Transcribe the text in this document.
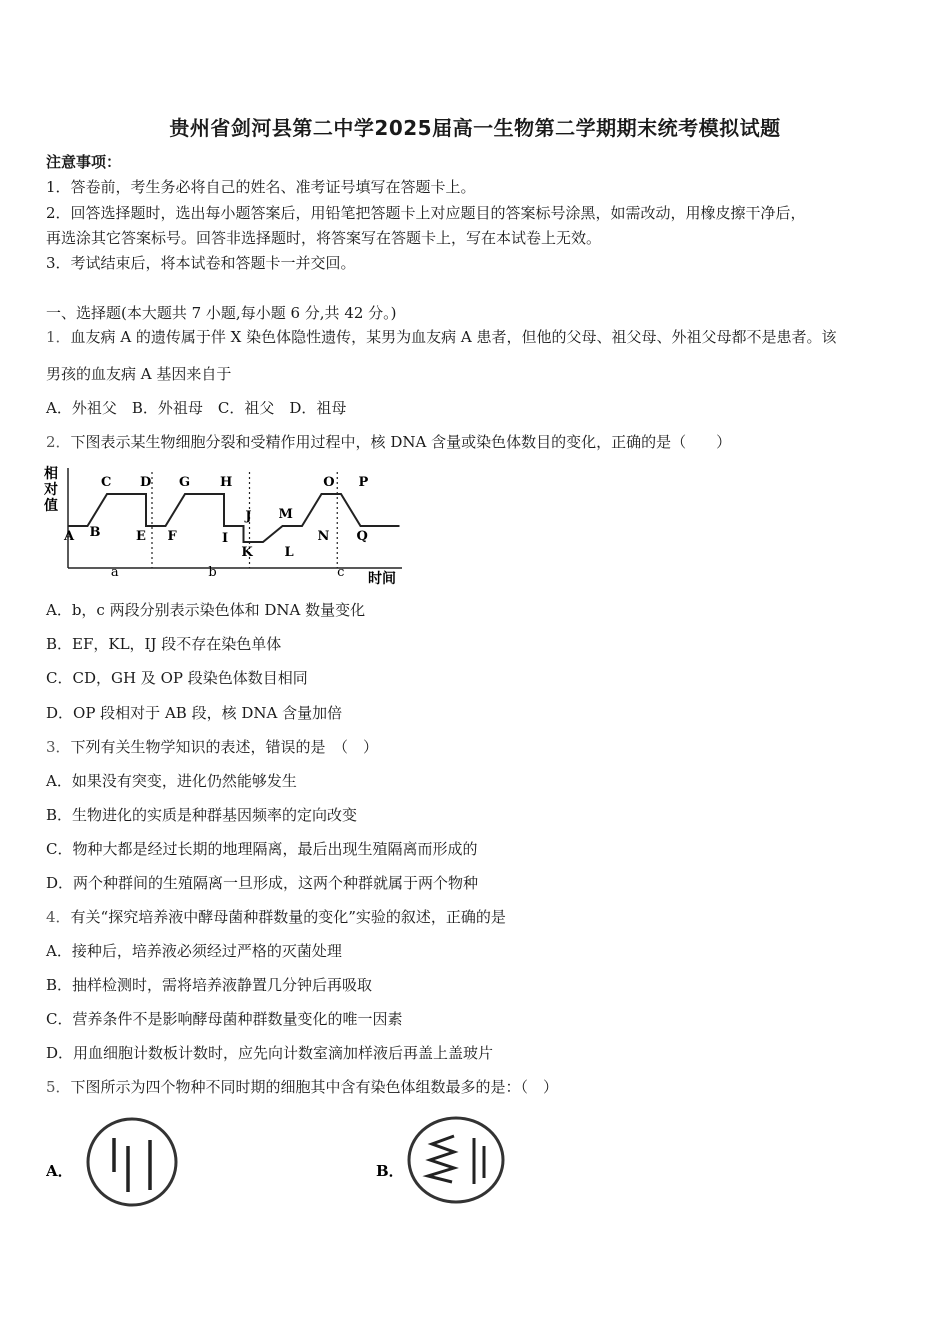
贵州省剑河县第二中学2025届高一生物第二学期期末统考模拟试题
注意事项：
1．答卷前，考生务必将自己的姓名、准考证号填写在答题卡上。
2．回答选择题时，选出每小题答案后，用铅笔把答题卡上对应题目的答案标号涂黑，如需改动，用橡皮擦干净后，
再选涂其它答案标号。回答非选择题时，将答案写在答题卡上，写在本试卷上无效。
3．考试结束后，将本试卷和答题卡一并交回。
一、选择题(本大题共 7 小题,每小题 6 分,共 42 分。)
1．血友病 A 的遗传属于伴 X 染色体隐性遗传，某男为血友病 A 患者，但他的父母、祖父母、外祖父母都不是患者。该
男孩的血友病 A 基因来自于
A．外祖父　B．外祖母　C．祖父　D．祖母
2．下图表示某生物细胞分裂和受精作用过程中，核 DNA 含量或染色体数目的变化，正确的是（　　）
相
对
值
A B
C D
E F
G H
I
J
K L
M
N
O P
Q
a	b	c 时间
A．b，c 两段分别表示染色体和 DNA 数量变化
B．EF，KL，IJ 段不存在染色单体
C．CD，GH 及 OP 段染色体数目相同
D．OP 段相对于 AB 段，核 DNA 含量加倍
3．下列有关生物学知识的表述，错误的是　（　）
A．如果没有突变，进化仍然能够发生
B．生物进化的实质是种群基因频率的定向改变
C．物种大都是经过长期的地理隔离，最后出现生殖隔离而形成的
D．两个种群间的生殖隔离一旦形成，这两个种群就属于两个物种
4．有关“探究培养液中酵母菌种群数量的变化”实验的叙述，正确的是
A．接种后，培养液必须经过严格的灭菌处理
B．抽样检测时，需将培养液静置几分钟后再吸取
C．营养条件不是影响酵母菌种群数量变化的唯一因素
D．用血细胞计数板计数时，应先向计数室滴加样液后再盖上盖玻片
5．下图所示为四个物种不同时期的细胞其中含有染色体组数最多的是：（　）
A．	B．
